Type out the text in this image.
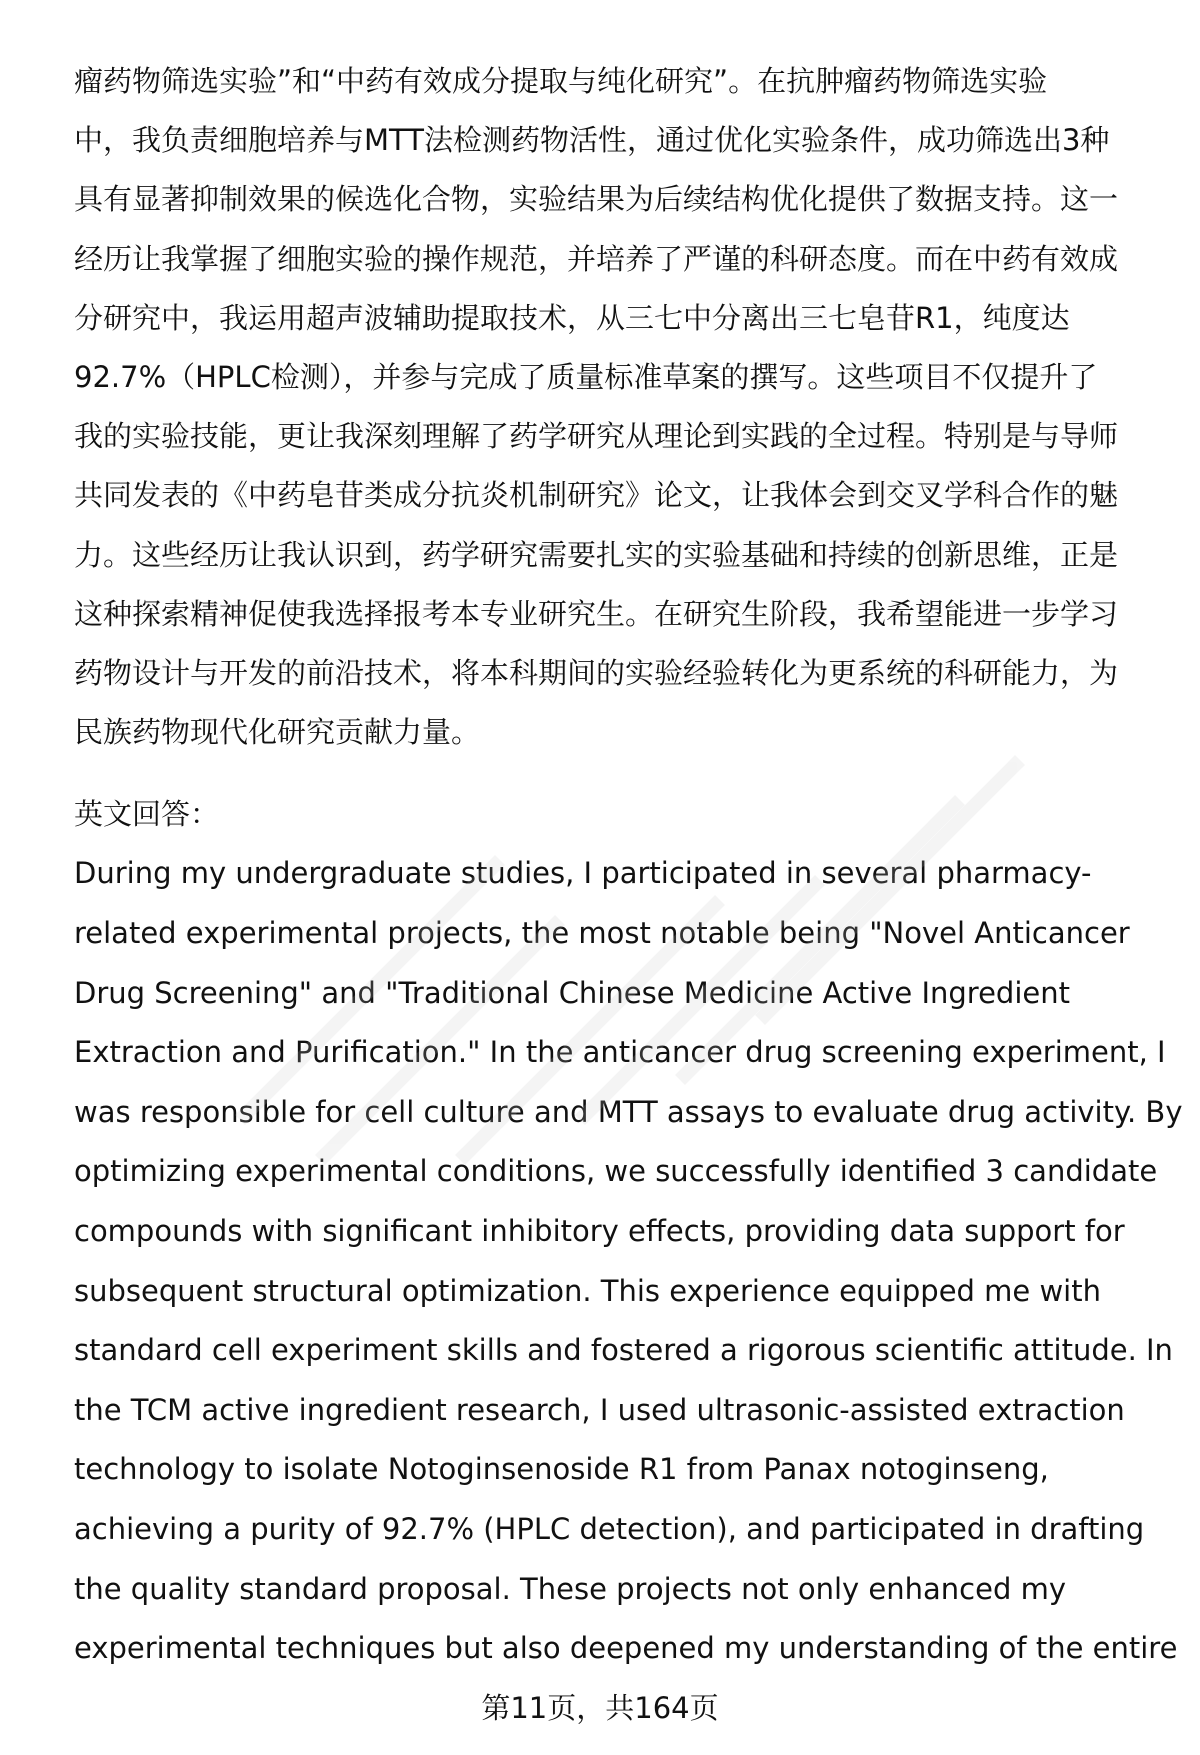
瘤药物筛选实验”和“中药有效成分提取与纯化研究”。在抗肿瘤药物筛选实验
中，我负责细胞培养与MTT法检测药物活性，通过优化实验条件，成功筛选出3种
具有显著抑制效果的候选化合物，实验结果为后续结构优化提供了数据支持。这一
经历让我掌握了细胞实验的操作规范，并培养了严谨的科研态度。而在中药有效成
分研究中，我运用超声波辅助提取技术，从三七中分离出三七皂苷R1，纯度达
92.7%（HPLC检测），并参与完成了质量标准草案的撰写。这些项目不仅提升了
我的实验技能，更让我深刻理解了药学研究从理论到实践的全过程。特别是与导师
共同发表的《中药皂苷类成分抗炎机制研究》论文，让我体会到交叉学科合作的魅
力。这些经历让我认识到，药学研究需要扎实的实验基础和持续的创新思维，正是
这种探索精神促使我选择报考本专业研究生。在研究生阶段，我希望能进一步学习
药物设计与开发的前沿技术，将本科期间的实验经验转化为更系统的科研能力，为
民族药物现代化研究贡献力量。

英文回答：

During my undergraduate studies, I participated in several pharmacy-
related experimental projects, the most notable being "Novel Anticancer
Drug Screening" and "Traditional Chinese Medicine Active Ingredient
Extraction and Purification." In the anticancer drug screening experiment, I
was responsible for cell culture and MTT assays to evaluate drug activity. By
optimizing experimental conditions, we successfully identified 3 candidate
compounds with significant inhibitory effects, providing data support for
subsequent structural optimization. This experience equipped me with
standard cell experiment skills and fostered a rigorous scientific attitude. In
the TCM active ingredient research, I used ultrasonic-assisted extraction
technology to isolate Notoginsenoside R1 from Panax notoginseng,
achieving a purity of 92.7% (HPLC detection), and participated in drafting
the quality standard proposal. These projects not only enhanced my
experimental techniques but also deepened my understanding of the entire
第11页，共164页
